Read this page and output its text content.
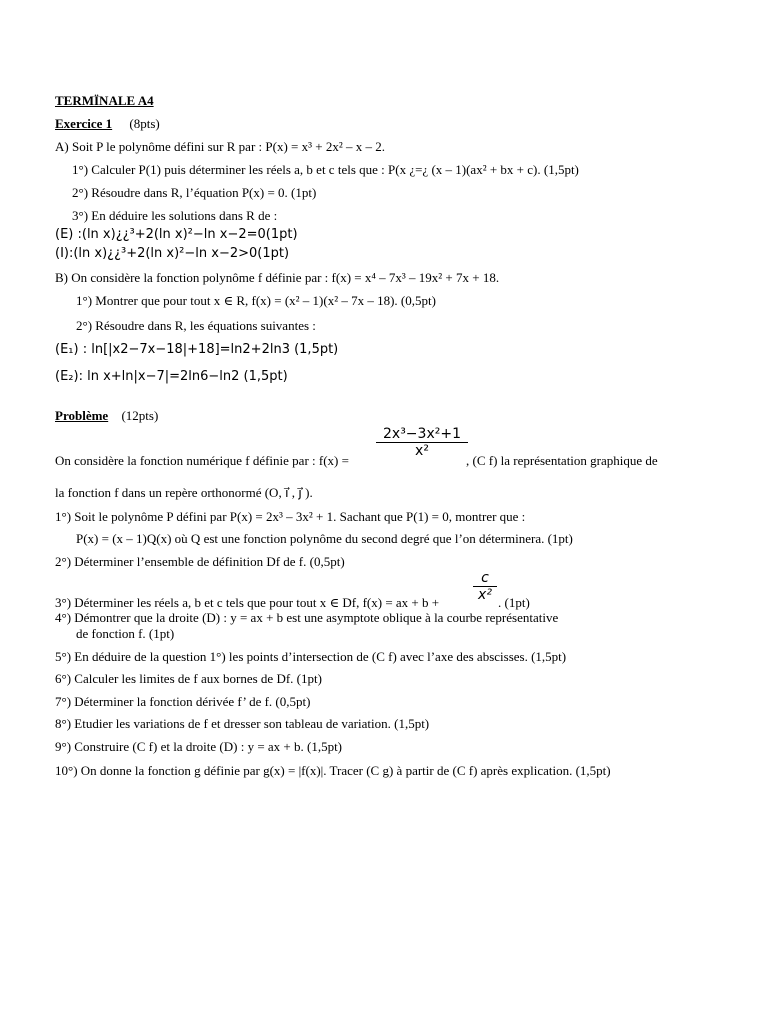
TERMÏNALE A4
Exercice 1 (8pts)
A) Soit P le polynôme défini sur R par : P(x) = x³ + 2x² – x – 2.
1°) Calculer P(1) puis déterminer les réels a, b et c tels que : P(x ¿=¿ (x – 1)(ax² + bx + c). (1,5pt)
2°) Résoudre dans R, l’équation P(x) = 0. (1pt)
3°) En déduire les solutions dans R de :
(E) :(ln x)¿¿³+2(ln x)²−ln x−2=0(1pt)
(I):(ln x)¿¿³+2(ln x)²−ln x−2>0(1pt)
B) On considère la fonction polynôme f définie par : f(x) = x⁴ – 7x³ – 19x² + 7x + 18.
1°) Montrer que pour tout x ∈ R, f(x) = (x² – 1)(x² – 7x – 18). (0,5pt)
2°) Résoudre dans R, les équations suivantes :
(E₁) : ln[|x2−7x−18|+18]=ln2+2ln3 (1,5pt)
(E₂): ln x+ln|x−7|=2ln6−ln2 (1,5pt)
Problème (12pts)
2x³−3x²+1
x²
On considère la fonction numérique f définie par : f(x) =	, (C f) la représentation graphique de
la fonction f dans un repère orthonormé (O, i⃗ , j⃗ ).
1°) Soit le polynôme P défini par P(x) = 2x³ – 3x² + 1. Sachant que P(1) = 0, montrer que :
P(x) = (x – 1)Q(x) où Q est une fonction polynôme du second degré que l’on déterminera. (1pt)
2°) Déterminer l’ensemble de définition Df de f. (0,5pt)
c
x²
3°) Déterminer les réels a, b et c tels que pour tout x ∈ Df, f(x) = ax + b +	. (1pt)
4°) Démontrer que la droite (D) : y = ax + b est une asymptote oblique à la courbe représentative
de fonction f. (1pt)
5°) En déduire de la question 1°) les points d’intersection de (C f) avec l’axe des abscisses. (1,5pt)
6°) Calculer les limites de f aux bornes de Df. (1pt)
7°) Déterminer la fonction dérivée f’ de f. (0,5pt)
8°) Etudier les variations de f et dresser son tableau de variation. (1,5pt)
9°) Construire (C f) et la droite (D) : y = ax + b. (1,5pt)
10°) On donne la fonction g définie par g(x) = |f(x)|. Tracer (C g) à partir de (C f) après explication. (1,5pt)
